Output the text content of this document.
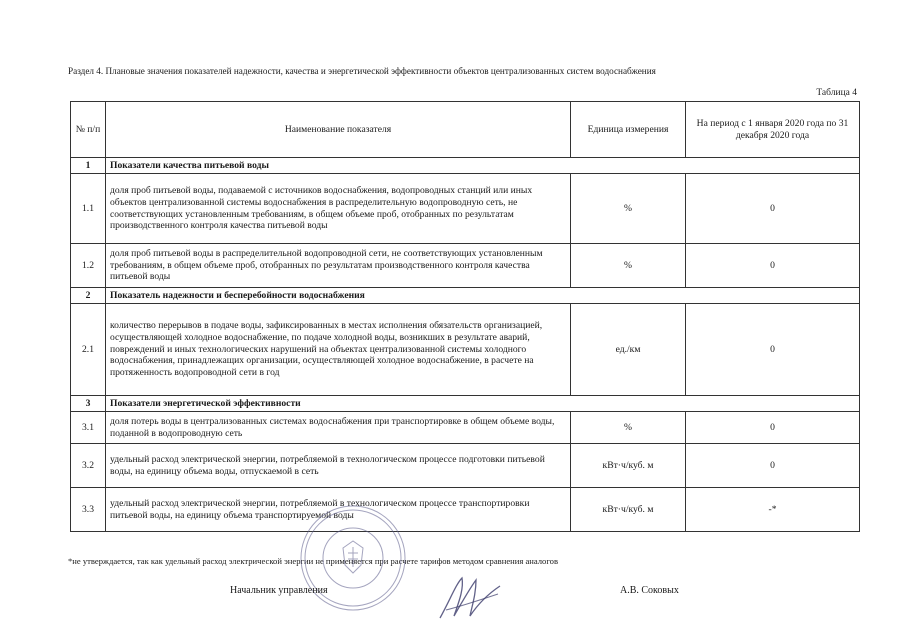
Раздел 4. Плановые значения показателей надежности, качества и энергетической эффективности объектов централизованных систем водоснабжения
Таблица 4
№ п/п	Наименование показателя	Единица измерения	На период с 1 января 2020 года по 31 декабря 2020 года
1	Показатели качества питьевой воды		
1.1	доля проб питьевой воды, подаваемой с источников водоснабжения, водопроводных станций или иных объектов централизованной системы водоснабжения в распределительную водопроводную сеть, не соответствующих установленным требованиям, в общем объеме проб, отобранных по результатам производственного контроля качества питьевой воды	%	0
1.2	доля проб питьевой воды в распределительной водопроводной сети, не соответствующих установленным требованиям, в общем объеме проб, отобранных по результатам производственного контроля качества питьевой воды	%	0
2	Показатель надежности и бесперебойности водоснабжения		
2.1	количество перерывов в подаче воды, зафиксированных в местах исполнения обязательств организацией, осуществляющей холодное водоснабжение, по подаче холодной воды, возникших в результате аварий, повреждений и иных технологических нарушений на объектах централизованной системы холодного водоснабжения, принадлежащих организации, осуществляющей холодное водоснабжение, в расчете на протяженность водопроводной сети в год	ед./км	0
3	Показатели энергетической эффективности		
3.1	доля потерь воды в централизованных системах водоснабжения при транспортировке в общем объеме воды, поданной в водопроводную сеть	%	0
3.2	удельный расход электрической энергии, потребляемой в технологическом процессе подготовки питьевой воды, на единицу объема воды, отпускаемой в сеть	кВт·ч/куб. м	0
3.3	удельный расход электрической энергии, потребляемой в технологическом процессе транспортировки питьевой воды, на единицу объема транспортируемой воды	кВт·ч/куб. м	-*
*не утверждается, так как удельный расход электрической энергии не применяется при расчете тарифов методом сравнения аналогов
Начальник управления	А.В. Соковых
